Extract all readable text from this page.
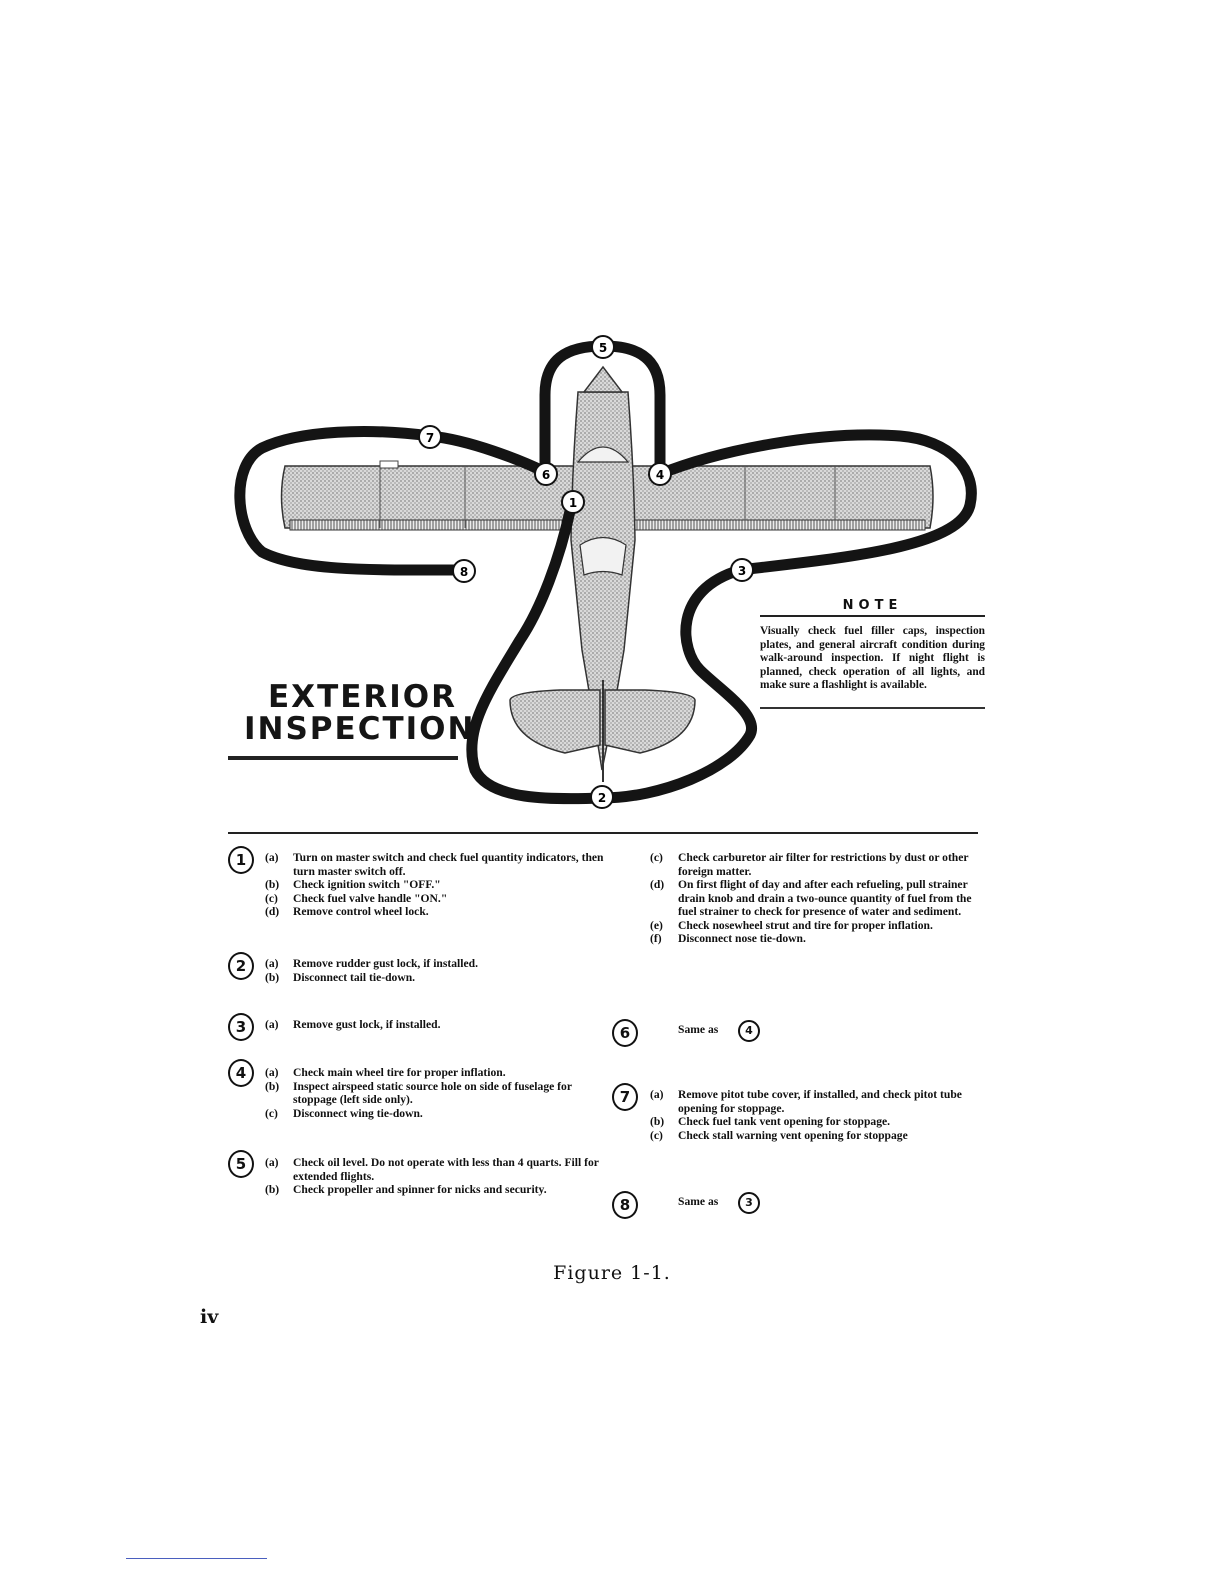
1
2
3
4
5
6
7
8
EXTERIOR
INSPECTION
NOTE
Visually check fuel filler caps, inspection plates, and general aircraft condition during walk-around inspection. If night flight is planned, check operation of all lights, and make sure a flashlight is available.
1	(a)	Turn on master switch and check fuel quantity indicators, then turn master switch off.
(b)	Check ignition switch "OFF."
(c)	Check fuel valve handle "ON."
(d)	Remove control wheel lock.
2	(a)	Remove rudder gust lock, if installed.
(b)	Disconnect tail tie-down.
3	(a)	Remove gust lock, if installed.
4	(a)	Check main wheel tire for proper inflation.
(b)	Inspect airspeed static source hole on side of fuselage for stoppage (left side only).
(c)	Disconnect wing tie-down.
5	(a)	Check oil level. Do not operate with less than 4 quarts. Fill for extended flights.
(b)	Check propeller and spinner for nicks and security.
(c)	Check carburetor air filter for restrictions by dust or other foreign matter.
(d)	On first flight of day and after each refueling, pull strainer drain knob and drain a two-ounce quantity of fuel from the fuel strainer to check for presence of water and sediment.
(e)	Check nosewheel strut and tire for proper inflation.
(f)	Disconnect nose tie-down.
6	Same as	4
7	(a)	Remove pitot tube cover, if installed, and check pitot tube opening for stoppage.
(b)	Check fuel tank vent opening for stoppage.
(c)	Check stall warning vent opening for stoppage
8	Same as	3
Figure 1-1.
iv
